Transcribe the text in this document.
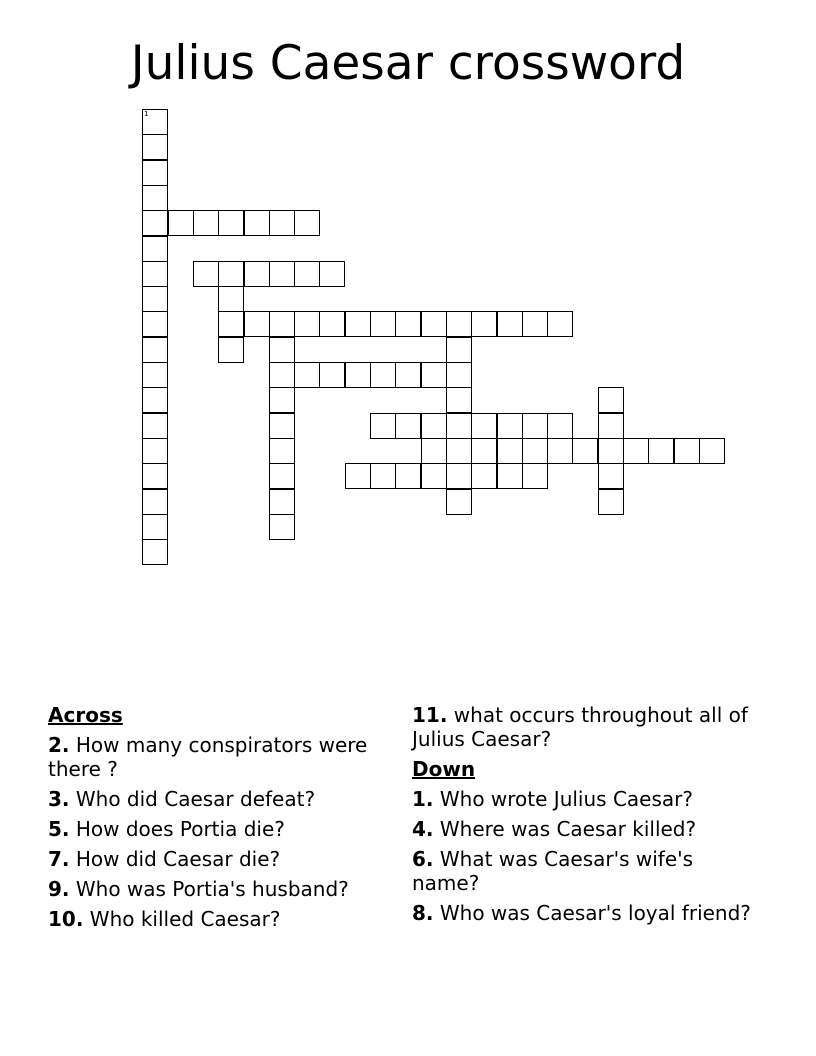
Julius Caesar crossword
1
Across
2. How many conspirators were there ?
3. Who did Caesar defeat?
5. How does Portia die?
7. How did Caesar die?
9. Who was Portia's husband?
10. Who killed Caesar?
11. what occurs throughout all of Julius Caesar?
Down
1. Who wrote Julius Caesar?
4. Where was Caesar killed?
6. What was Caesar's wife's name?
8. Who was Caesar's loyal friend?
